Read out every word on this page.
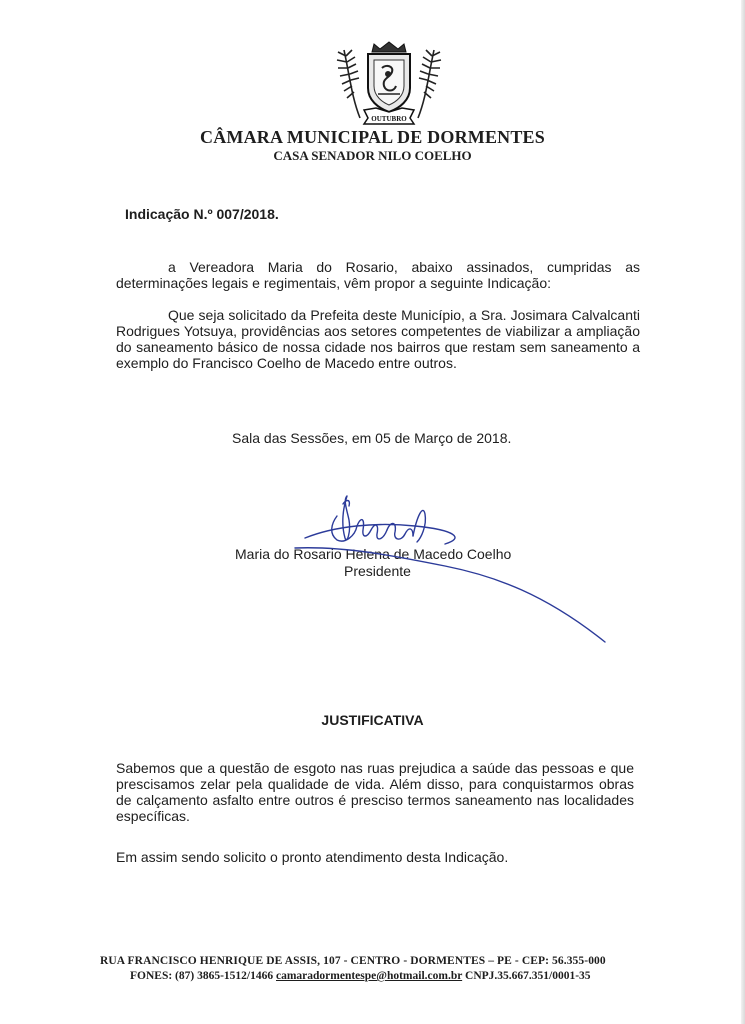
OUTUBRO
CÂMARA MUNICIPAL DE DORMENTES
CASA SENADOR NILO COELHO
Indicação N.º 007/2018.
a Vereadora Maria do Rosario, abaixo assinados, cumpridas as determinações legais e regimentais, vêm propor a seguinte Indicação:
Que seja solicitado da Prefeita deste Município, a Sra. Josimara Calvalcanti Rodrigues Yotsuya, providências aos setores competentes de viabilizar a ampliação do saneamento básico de nossa cidade nos bairros que restam sem saneamento a exemplo do Francisco Coelho de Macedo entre outros.
Sala das Sessões, em 05 de Março de 2018.
Maria do Rosario Helena de Macedo Coelho
Presidente
JUSTIFICATIVA
Sabemos que a questão de esgoto nas ruas prejudica a saúde das pessoas e que prescisamos zelar pela qualidade de vida. Além disso, para conquistarmos obras de calçamento asfalto entre outros é presciso termos saneamento nas localidades específicas.
Em assim sendo solicito o pronto atendimento desta Indicação.
RUA FRANCISCO HENRIQUE DE ASSIS, 107 - CENTRO - DORMENTES – PE - CEP: 56.355-000
FONES: (87) 3865-1512/1466 camaradormentespe@hotmail.com.br CNPJ.35.667.351/0001-35
